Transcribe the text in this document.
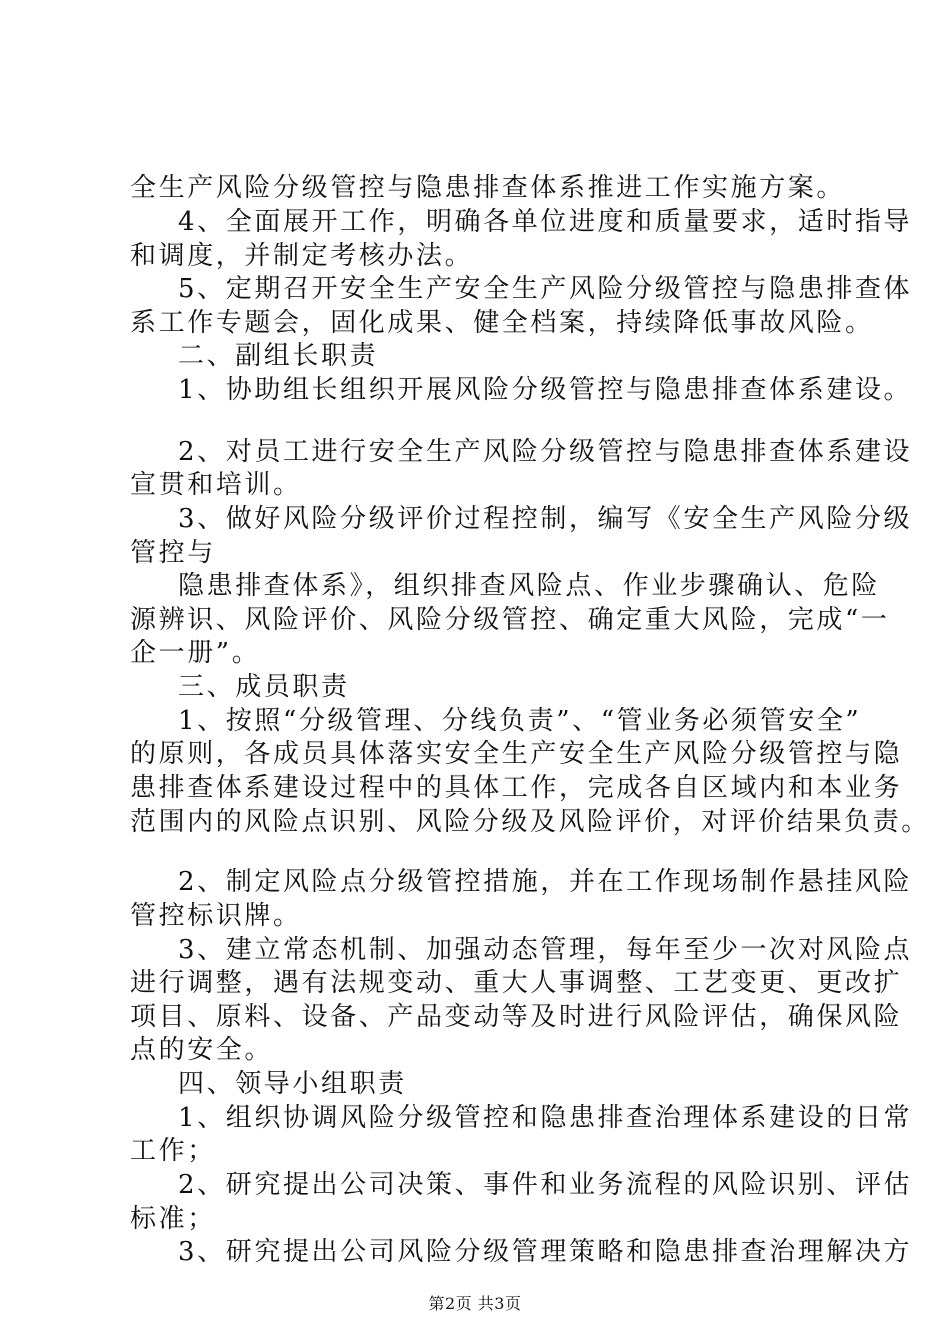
全生产风险分级管控与隐患排查体系推进工作实施方案。
4、全面展开工作，明确各单位进度和质量要求，适时指导
和调度，并制定考核办法。
5、定期召开安全生产安全生产风险分级管控与隐患排查体
系工作专题会，固化成果、健全档案，持续降低事故风险。
二、副组长职责
1、协助组长组织开展风险分级管控与隐患排查体系建设。
2、对员工进行安全生产风险分级管控与隐患排查体系建设
宣贯和培训。
3、做好风险分级评价过程控制，编写《安全生产风险分级
管控与
隐患排查体系》，组织排查风险点、作业步骤确认、危险
源辨识、风险评价、风险分级管控、确定重大风险，完成“一
企一册”。
三、成员职责
1、按照“分级管理、分线负责”、“管业务必须管安全”
的原则，各成员具体落实安全生产安全生产风险分级管控与隐
患排查体系建设过程中的具体工作，完成各自区域内和本业务
范围内的风险点识别、风险分级及风险评价，对评价结果负责。
2、制定风险点分级管控措施，并在工作现场制作悬挂风险
管控标识牌。
3、建立常态机制、加强动态管理，每年至少一次对风险点
进行调整，遇有法规变动、重大人事调整、工艺变更、更改扩
项目、原料、设备、产品变动等及时进行风险评估，确保风险
点的安全。
四、领导小组职责
1、组织协调风险分级管控和隐患排查治理体系建设的日常
工作；
2、研究提出公司决策、事件和业务流程的风险识别、评估
标准；
3、研究提出公司风险分级管理策略和隐患排查治理解决方
第2页 共3页
